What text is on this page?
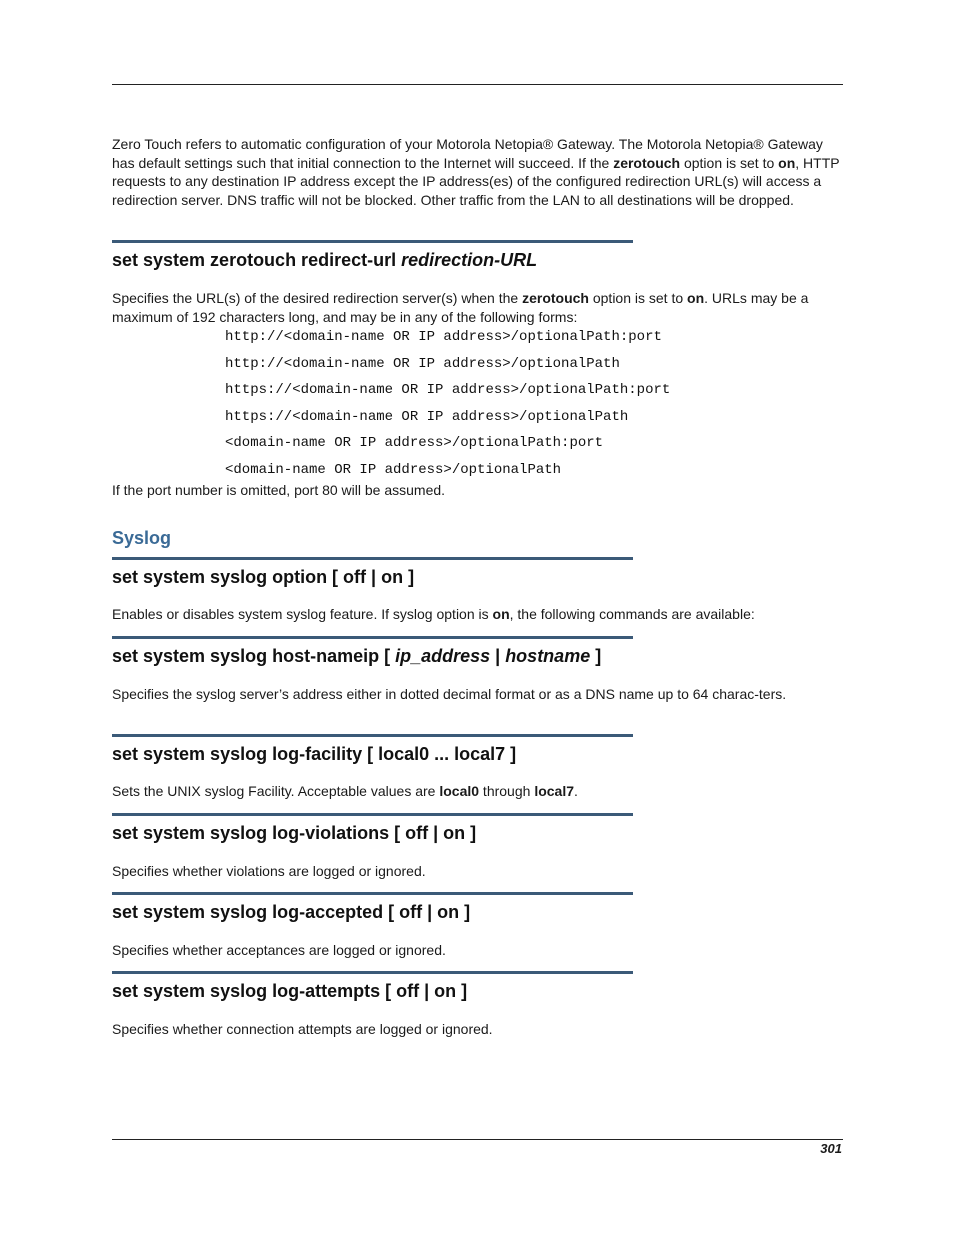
Zero Touch refers to automatic configuration of your Motorola Netopia® Gateway. The Motorola Netopia® Gateway has default settings such that initial connection to the Internet will succeed. If the zerotouch option is set to on, HTTP requests to any destination IP address except the IP address(es) of the configured redirection URL(s) will access a redirection server. DNS traffic will not be blocked. Other traffic from the LAN to all destinations will be dropped.

set system zerotouch redirect-url redirection-URL

Specifies the URL(s) of the desired redirection server(s) when the zerotouch option is set to on. URLs may be a maximum of 192 characters long, and may be in any of the following forms:

http://<domain-name OR IP address>/optionalPath:port
http://<domain-name OR IP address>/optionalPath
https://<domain-name OR IP address>/optionalPath:port
https://<domain-name OR IP address>/optionalPath
<domain-name OR IP address>/optionalPath:port
<domain-name OR IP address>/optionalPath

If the port number is omitted, port 80 will be assumed.

Syslog
set system syslog option [ off | on ]

Enables or disables system syslog feature. If syslog option is on, the following commands are available:

set system syslog host-nameip [ ip_address | hostname ]

Specifies the syslog server’s address either in dotted decimal format or as a DNS name up to 64 charac-ters.

set system syslog log-facility [ local0 ... local7 ]

Sets the UNIX syslog Facility. Acceptable values are local0 through local7.

set system syslog log-violations [ off | on ]

Specifies whether violations are logged or ignored.

set system syslog log-accepted [ off | on ]

Specifies whether acceptances are logged or ignored.

set system syslog log-attempts [ off | on ]

Specifies whether connection attempts are logged or ignored.

301
